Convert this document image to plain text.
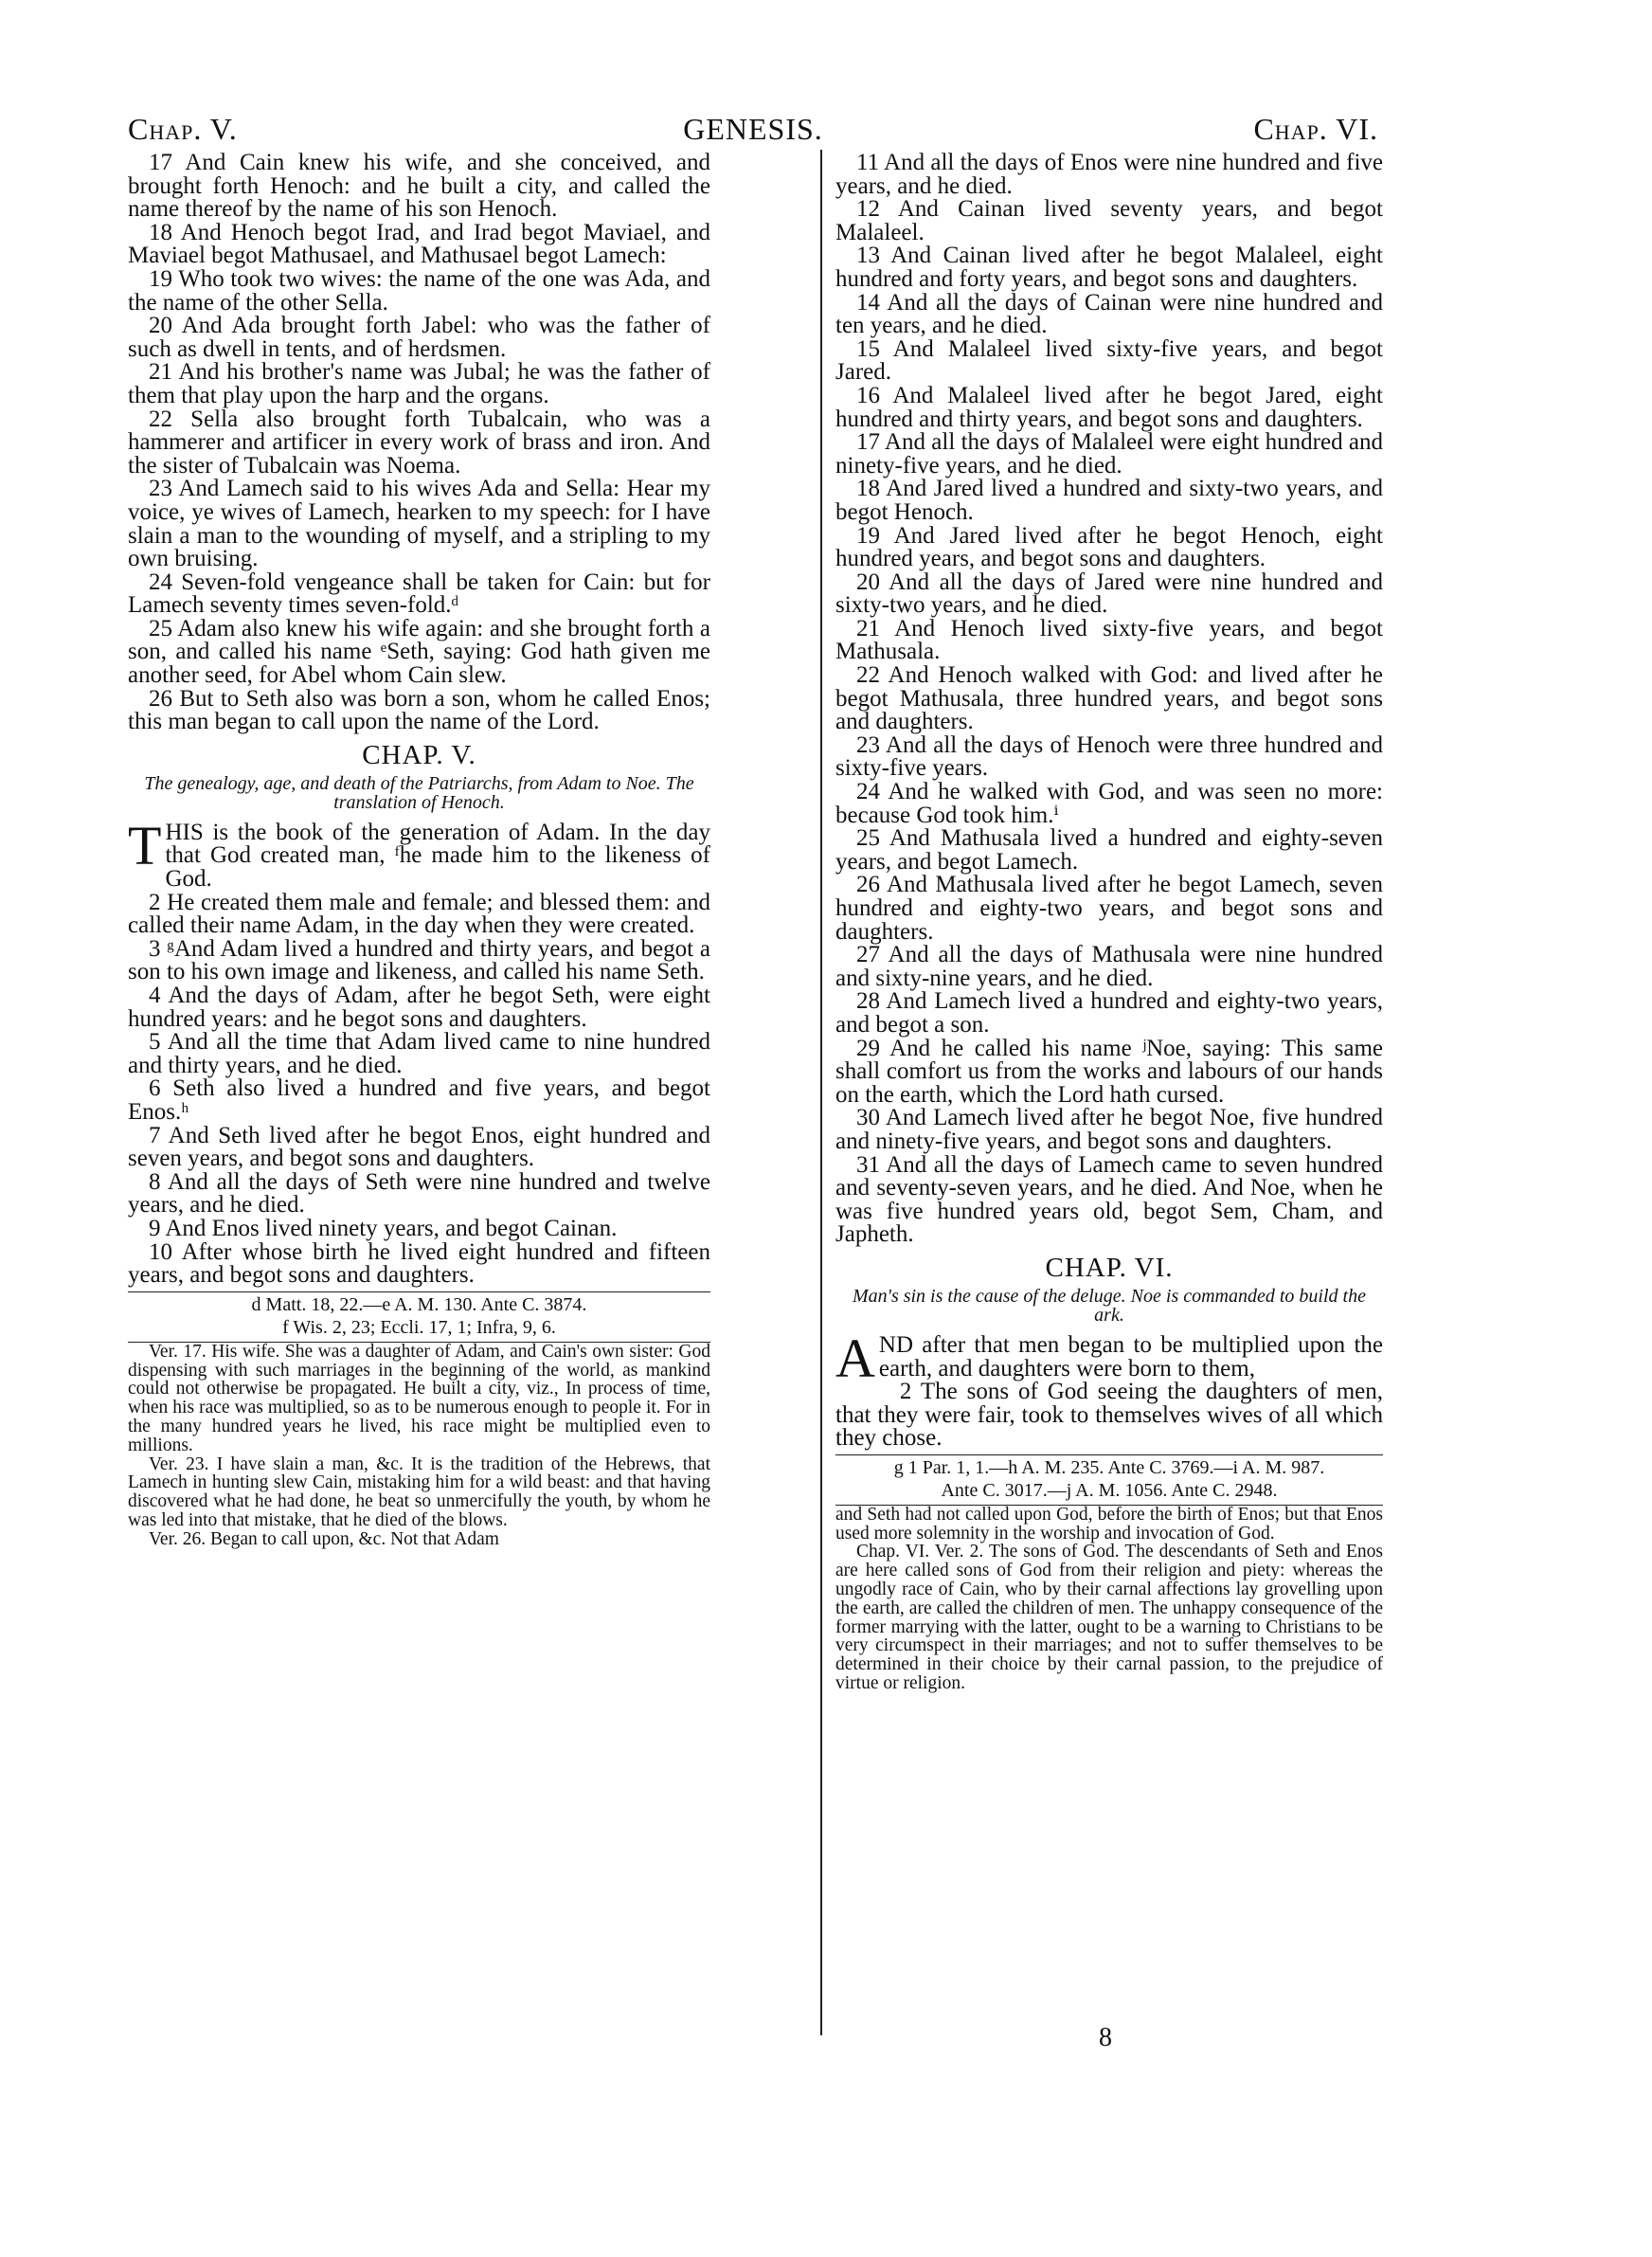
Chap. V.	GENESIS.	Chap. VI.

17 And Cain knew his wife, and she conceived, and brought forth Henoch: and he built a city, and called the name thereof by the name of his son Henoch.

18 And Henoch begot Irad, and Irad begot Maviael, and Maviael begot Mathusael, and Mathusael begot Lamech:

19 Who took two wives: the name of the one was Ada, and the name of the other Sella.

20 And Ada brought forth Jabel: who was the father of such as dwell in tents, and of herdsmen.

21 And his brother's name was Jubal; he was the father of them that play upon the harp and the organs.

22 Sella also brought forth Tubalcain, who was a hammerer and artificer in every work of brass and iron. And the sister of Tubalcain was Noema.

23 And Lamech said to his wives Ada and Sella: Hear my voice, ye wives of Lamech, hearken to my speech: for I have slain a man to the wounding of myself, and a stripling to my own bruising.

24 Seven-fold vengeance shall be taken for Cain: but for Lamech seventy times seven-fold.ᵈ

25 Adam also knew his wife again: and she brought forth a son, and called his name ᵉSeth, saying: God hath given me another seed, for Abel whom Cain slew.

26 But to Seth also was born a son, whom he called Enos; this man began to call upon the name of the Lord.

CHAP. V.

The genealogy, age, and death of the Patriarchs, from Adam to Noe. The translation of Henoch.

THIS is the book of the generation of Adam. In the day that God created man, ᶠhe made him to the likeness of God.

2 He created them male and female; and blessed them: and called their name Adam, in the day when they were created.

3 ᵍAnd Adam lived a hundred and thirty years, and begot a son to his own image and likeness, and called his name Seth.

4 And the days of Adam, after he begot Seth, were eight hundred years: and he begot sons and daughters.

5 And all the time that Adam lived came to nine hundred and thirty years, and he died.

6 Seth also lived a hundred and five years, and begot Enos.ʰ

7 And Seth lived after he begot Enos, eight hundred and seven years, and begot sons and daughters.

8 And all the days of Seth were nine hundred and twelve years, and he died.

9 And Enos lived ninety years, and begot Cainan.

10 After whose birth he lived eight hundred and fifteen years, and begot sons and daughters.

d Matt. 18, 22.—e A. M. 130. Ante C. 3874.
f Wis. 2, 23; Eccli. 17, 1; Infra, 9, 6.

Ver. 17. His wife. She was a daughter of Adam, and Cain's own sister: God dispensing with such marriages in the beginning of the world, as mankind could not otherwise be propagated. He built a city, viz., In process of time, when his race was multiplied, so as to be numerous enough to people it. For in the many hundred years he lived, his race might be multiplied even to millions.

Ver. 23. I have slain a man, &c. It is the tradition of the Hebrews, that Lamech in hunting slew Cain, mistaking him for a wild beast: and that having discovered what he had done, he beat so unmercifully the youth, by whom he was led into that mistake, that he died of the blows.

Ver. 26. Began to call upon, &c. Not that Adam

11 And all the days of Enos were nine hundred and five years, and he died.

12 And Cainan lived seventy years, and begot Malaleel.

13 And Cainan lived after he begot Malaleel, eight hundred and forty years, and begot sons and daughters.

14 And all the days of Cainan were nine hundred and ten years, and he died.

15 And Malaleel lived sixty-five years, and begot Jared.

16 And Malaleel lived after he begot Jared, eight hundred and thirty years, and begot sons and daughters.

17 And all the days of Malaleel were eight hundred and ninety-five years, and he died.

18 And Jared lived a hundred and sixty-two years, and begot Henoch.

19 And Jared lived after he begot Henoch, eight hundred years, and begot sons and daughters.

20 And all the days of Jared were nine hundred and sixty-two years, and he died.

21 And Henoch lived sixty-five years, and begot Mathusala.

22 And Henoch walked with God: and lived after he begot Mathusala, three hundred years, and begot sons and daughters.

23 And all the days of Henoch were three hundred and sixty-five years.

24 And he walked with God, and was seen no more: because God took him.ⁱ

25 And Mathusala lived a hundred and eighty-seven years, and begot Lamech.

26 And Mathusala lived after he begot Lamech, seven hundred and eighty-two years, and begot sons and daughters.

27 And all the days of Mathusala were nine hundred and sixty-nine years, and he died.

28 And Lamech lived a hundred and eighty-two years, and begot a son.

29 And he called his name ʲNoe, saying: This same shall comfort us from the works and labours of our hands on the earth, which the Lord hath cursed.

30 And Lamech lived after he begot Noe, five hundred and ninety-five years, and begot sons and daughters.

31 And all the days of Lamech came to seven hundred and seventy-seven years, and he died. And Noe, when he was five hundred years old, begot Sem, Cham, and Japheth.

CHAP. VI.

Man's sin is the cause of the deluge. Noe is commanded to build the ark.

AND after that men began to be multiplied upon the earth, and daughters were born to them,

2 The sons of God seeing the daughters of men, that they were fair, took to themselves wives of all which they chose.

g 1 Par. 1, 1.—h A. M. 235. Ante C. 3769.—i A. M. 987.
Ante C. 3017.—j A. M. 1056. Ante C. 2948.

and Seth had not called upon God, before the birth of Enos; but that Enos used more solemnity in the worship and invocation of God.

Chap. VI. Ver. 2. The sons of God. The descendants of Seth and Enos are here called sons of God from their religion and piety: whereas the ungodly race of Cain, who by their carnal affections lay grovelling upon the earth, are called the children of men. The unhappy consequence of the former marrying with the latter, ought to be a warning to Christians to be very circumspect in their marriages; and not to suffer themselves to be determined in their choice by their carnal passion, to the prejudice of virtue or religion.

8
